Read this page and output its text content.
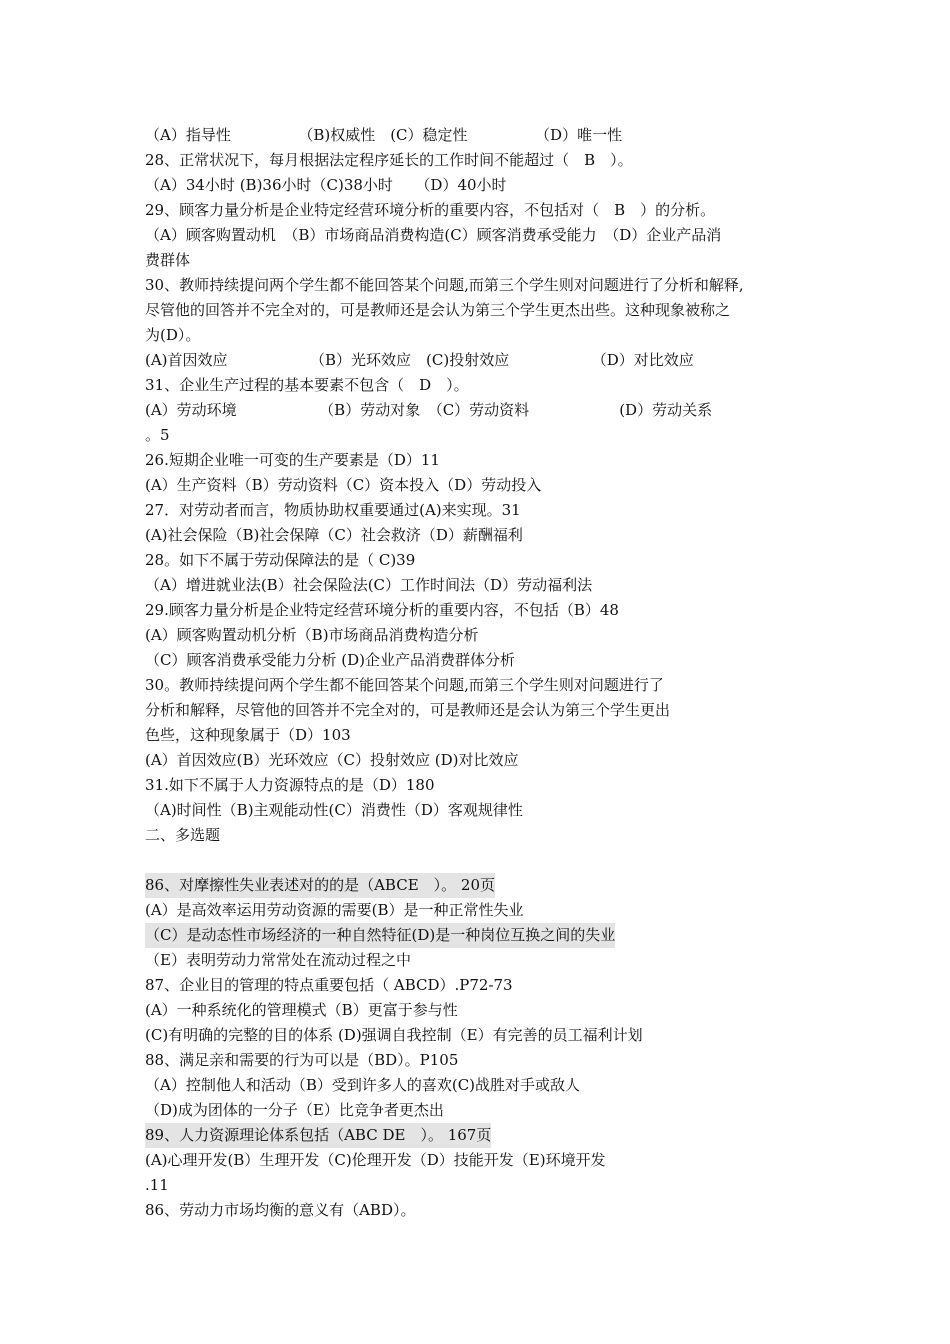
（A）指导性　　　　　（B)权威性　(C）稳定性　　　　　（D）唯一性
28、正常状况下，每月根据法定程序延长的工作时间不能超过（　B　）。
（A）34小时 (B)36小时（C)38小时　　（D）40小时
29、顾客力量分析是企业特定经营环境分析的重要内容，不包括对（　B　）的分析。
（A）顾客购置动机　（B）市场商品消费构造(C）顾客消费承受能力　（D）企业产品消
费群体
30、教师持续提问两个学生都不能回答某个问题,而第三个学生则对问题进行了分析和解释,
尽管他的回答并不完全对的，可是教师还是会认为第三个学生更杰出些。这种现象被称之
为(D）。
(A)首因效应　　　　　　（B）光环效应　(C)投射效应　　　　　　（D）对比效应
31、企业生产过程的基本要素不包含（　D　）。
(A）劳动环境　　　　　　（B）劳动对象　（C）劳动资料　　　　　　(D）劳动关系
。5
26.短期企业唯一可变的生产要素是（D）11
(A）生产资料（B）劳动资料（C）资本投入（D）劳动投入
27．对劳动者而言，物质协助权重要通过(A)来实现。31
(A)社会保险（B)社会保障（C）社会救济（D）薪酬福利
28。如下不属于劳动保障法的是（ C)39
（A）增进就业法(B）社会保险法(C）工作时间法（D）劳动福利法
29.顾客力量分析是企业特定经营环境分析的重要内容，不包括（B）48
(A）顾客购置动机分析（B)市场商品消费构造分析
（C）顾客消费承受能力分析 (D)企业产品消费群体分析
30。教师持续提问两个学生都不能回答某个问题,而第三个学生则对问题进行了
分析和解释，尽管他的回答并不完全对的，可是教师还是会认为第三个学生更出
色些，这种现象属于（D）103
(A）首因效应(B）光环效应（C）投射效应 (D)对比效应
31.如下不属于人力资源特点的是（D）180
（A)时间性（B)主观能动性(C）消费性（D）客观规律性
二、多选题
86、对摩擦性失业表述对的的是（ABCE　）。 20页
(A）是高效率运用劳动资源的需要(B）是一种正常性失业
（C）是动态性市场经济的一种自然特征(D)是一种岗位互换之间的失业
（E）表明劳动力常常处在流动过程之中
87、企业目的管理的特点重要包括（ ABCD）.P72-73
(A）一种系统化的管理模式（B）更富于参与性
(C)有明确的完整的目的体系 (D)强调自我控制（E）有完善的员工福利计划
88、满足亲和需要的行为可以是（BD）。P105
（A）控制他人和活动（B）受到许多人的喜欢(C)战胜对手或敌人
（D)成为团体的一分子（E）比竞争者更杰出
89、人力资源理论体系包括（ABC DE　）。 167页
(A)心理开发(B）生理开发（C)伦理开发（D）技能开发（E)环境开发
.11
86、劳动力市场均衡的意义有（ABD）。
